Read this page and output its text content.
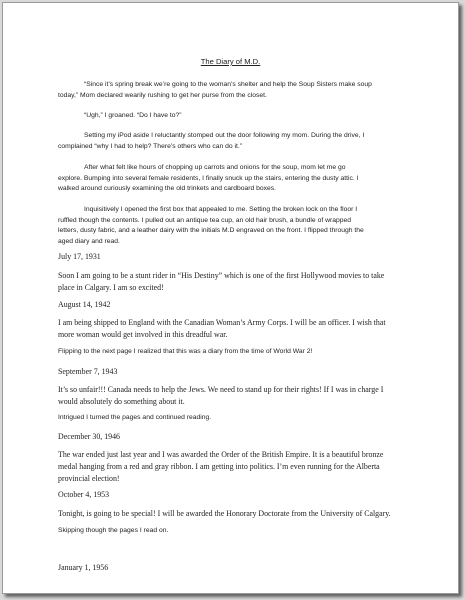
The Diary of M.D.
“Since it’s spring break we’re going to the woman’s shelter and help the Soup Sisters make soup
today,” Mom declared wearily rushing to get her purse from the closet.
“Ugh,” I groaned. “Do I have to?”
Setting my iPod aside I reluctantly stomped out the door following my mom. During the drive, I
complained “why I had to help? There’s others who can do it.”
After what felt like hours of chopping up carrots and onions for the soup, mom let me go
explore. Bumping into several female residents, I finally snuck up the stairs, entering the dusty attic. I
walked around curiously examining the old trinkets and cardboard boxes.
Inquisitively I opened the first box that appealed to me. Setting the broken lock on the floor I
ruffled though the contents. I pulled out an antique tea cup, an old hair brush, a bundle of wrapped
letters, dusty fabric, and a leather dairy with the initials M.D engraved on the front. I flipped through the
aged diary and read.
July 17, 1931
Soon I am going to be a stunt rider in “His Destiny” which is one of the first Hollywood movies to take
place in Calgary. I am so excited!
August 14, 1942
I am being shipped to England with the Canadian Woman’s Army Corps. I will be an officer. I wish that
more woman would get involved in this dreadful war.
Flipping to the next page I realized that this was a diary from the time of World War 2!
September 7, 1943
It’s so unfair!!! Canada needs to help the Jews. We need to stand up for their rights! If I was in charge I
would absolutely do something about it.
Intrigued I turned the pages and continued reading.
December 30, 1946
The war ended just last year and I was awarded the Order of the British Empire. It is a beautiful bronze
medal hanging from a red and gray ribbon. I am getting into politics. I’m even running for the Alberta
provincial election!
October 4, 1953
Tonight, is going to be special! I will be awarded the Honorary Doctorate from the University of Calgary.
Skipping though the pages I read on.
January 1, 1956
